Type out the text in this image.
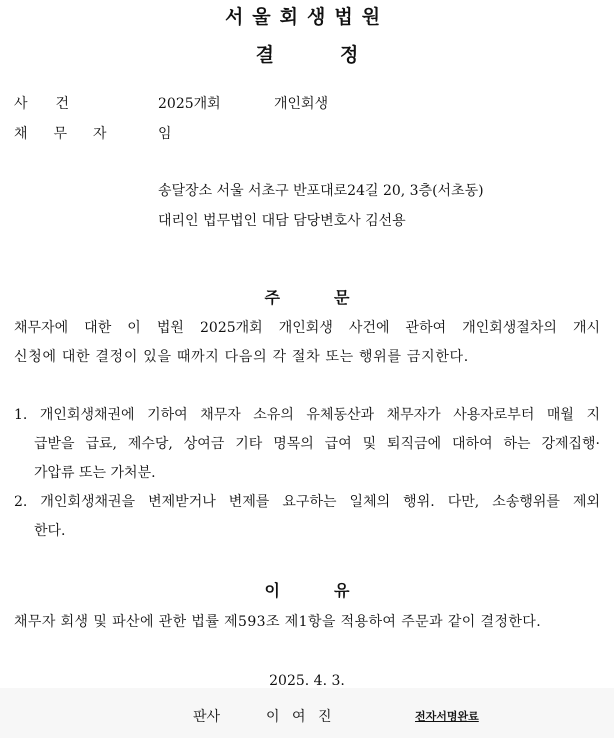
서울회생법원
결	정
사건	2025개회	개인회생
채무자 임
송달장소 서울 서초구 반포대로24길 20, 3층(서초동)
대리인 법무법인 대담 담당변호사 김선용
주	문
채무자에 대한 이 법원 2025개회 개인회생 사건에 관하여 개인회생절차의 개시
신청에 대한 결정이 있을 때까지 다음의 각 절차 또는 행위를 금지한다.
1. 개인회생채권에 기하여 채무자 소유의 유체동산과 채무자가 사용자로부터 매월 지
급받을 급료, 제수당, 상여금 기타 명목의 급여 및 퇴직금에 대하여 하는 강제집행·
가압류 또는 가처분.
2. 개인회생채권을 변제받거나 변제를 요구하는 일체의 행위. 다만, 소송행위를 제외
한다.
이	유
채무자 회생 및 파산에 관한 법률 제593조 제1항을 적용하여 주문과 같이 결정한다.
2025. 4. 3.
판사	이 여 진	전자서명완료
